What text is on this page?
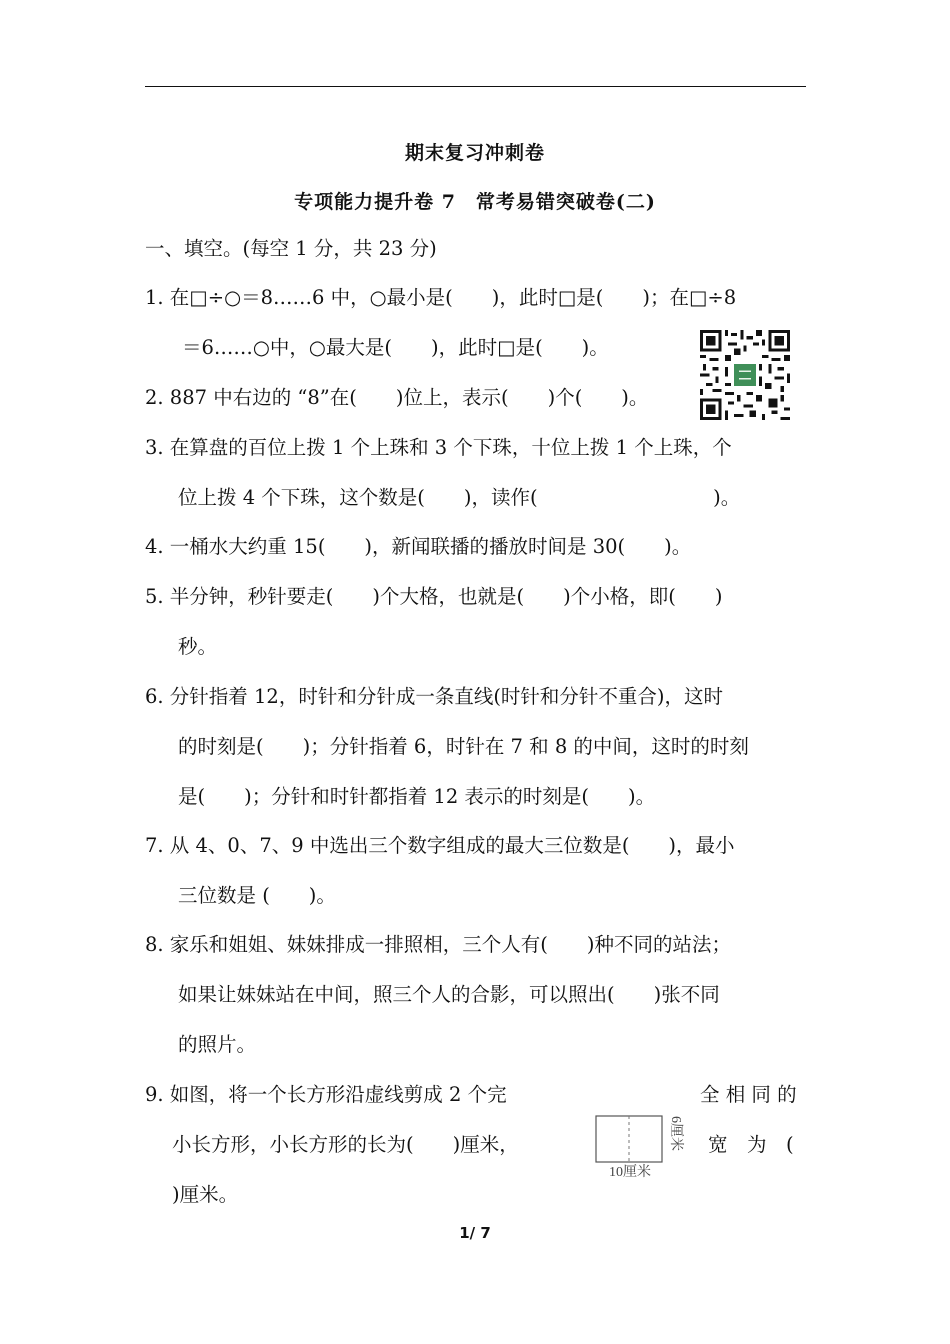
期末复习冲刺卷
专项能力提升卷 7　常考易错突破卷(二)
一、填空。(每空 1 分，共 23 分)
1. 在□÷○＝8……6 中，○最小是(　　)，此时□是(　　)；在□÷8
＝6……○中，○最大是(　　)，此时□是(　　)。
2. 887 中右边的 “8”在(　　)位上，表示(　　)个(　　)。
3. 在算盘的百位上拨 1 个上珠和 3 个下珠，十位上拨 1 个上珠，个
位上拨 4 个下珠，这个数是(　　)，读作(　　　　　　　　　)。
4. 一桶水大约重 15(　　)，新闻联播的播放时间是 30(　　)。
5. 半分钟，秒针要走(　　)个大格，也就是(　　)个小格，即(　　)
秒。
6. 分针指着 12，时针和分针成一条直线(时针和分针不重合)，这时
的时刻是(　　)；分针指着 6，时针在 7 和 8 的中间，这时的时刻
是(　　)；分针和时针都指着 12 表示的时刻是(　　)。
7. 从 4、0、7、9 中选出三个数字组成的最大三位数是(　　)，最小
三位数是 (　　)。
8. 家乐和姐姐、妹妹排成一排照相，三个人有(　　)种不同的站法；
如果让妹妹站在中间，照三个人的合影，可以照出(　　)张不同
的照片。
9. 如图，将一个长方形沿虚线剪成 2 个完	全 相 同 的
小长方形，小长方形的长为(　　)厘米，	宽　为　(
)厘米。
10厘米
6厘米
1/ 7
